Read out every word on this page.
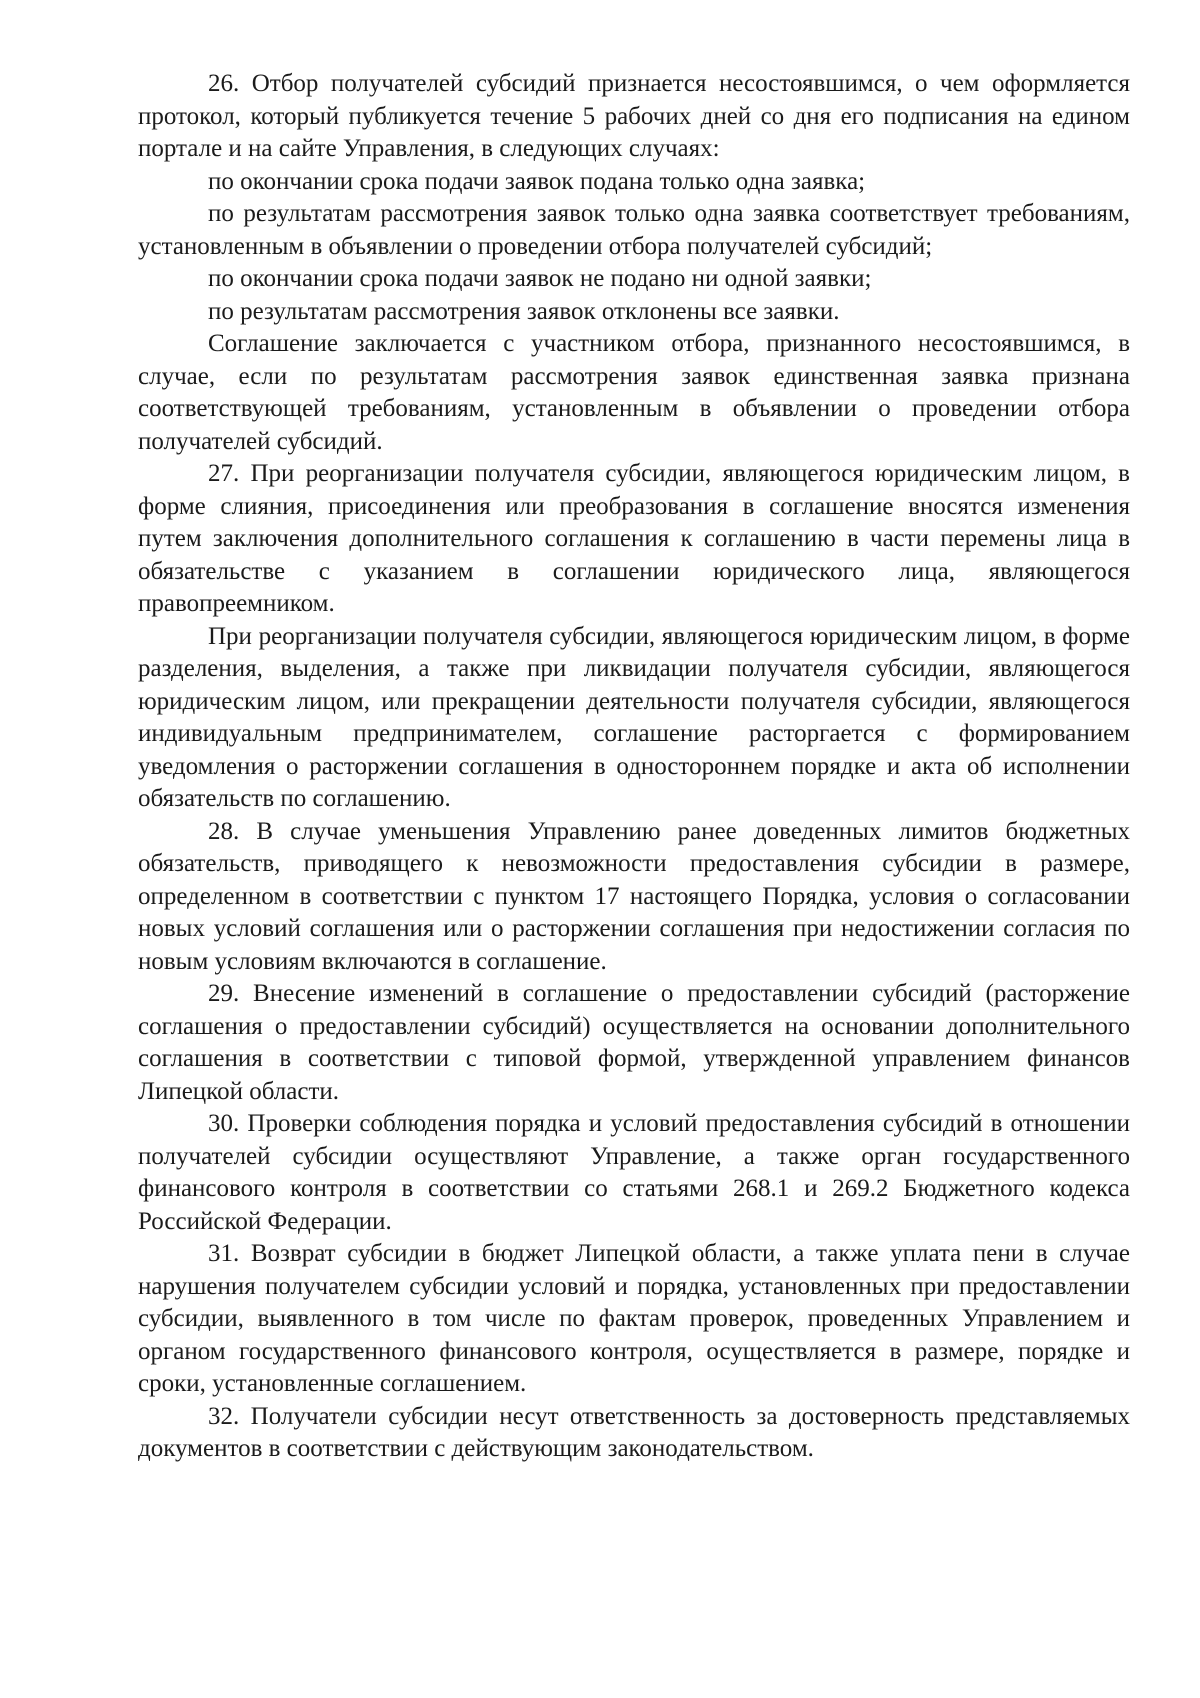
26. Отбор получателей субсидий признается несостоявшимся, о чем оформляется протокол, который публикуется течение 5 рабочих дней со дня его подписания на едином портале и на сайте Управления, в следующих случаях:

по окончании срока подачи заявок подана только одна заявка;

по результатам рассмотрения заявок только одна заявка соответствует требованиям, установленным в объявлении о проведении отбора получателей субсидий;

по окончании срока подачи заявок не подано ни одной заявки;

по результатам рассмотрения заявок отклонены все заявки.

Соглашение заключается с участником отбора, признанного несостоявшимся, в случае, если по результатам рассмотрения заявок единственная заявка признана соответствующей требованиям, установленным в объявлении о проведении отбора получателей субсидий.

27. При реорганизации получателя субсидии, являющегося юридическим лицом, в форме слияния, присоединения или преобразования в соглашение вносятся изменения путем заключения дополнительного соглашения к соглашению в части перемены лица в обязательстве с указанием в соглашении юридического лица, являющегося правопреемником.

При реорганизации получателя субсидии, являющегося юридическим лицом, в форме разделения, выделения, а также при ликвидации получателя субсидии, являющегося юридическим лицом, или прекращении деятельности получателя субсидии, являющегося индивидуальным предпринимателем, соглашение расторгается с формированием уведомления о расторжении соглашения в одностороннем порядке и акта об исполнении обязательств по соглашению.

28. В случае уменьшения Управлению ранее доведенных лимитов бюджетных обязательств, приводящего к невозможности предоставления субсидии в размере, определенном в соответствии с пунктом 17 настоящего Порядка, условия о согласовании новых условий соглашения или о расторжении соглашения при недостижении согласия по новым условиям включаются в соглашение.

29. Внесение изменений в соглашение о предоставлении субсидий (расторжение соглашения о предоставлении субсидий) осуществляется на основании дополнительного соглашения в соответствии с типовой формой, утвержденной управлением финансов Липецкой области.

30. Проверки соблюдения порядка и условий предоставления субсидий в отношении получателей субсидии осуществляют Управление, а также орган государственного финансового контроля в соответствии со статьями 268.1 и 269.2 Бюджетного кодекса Российской Федерации.

31. Возврат субсидии в бюджет Липецкой области, а также уплата пени в случае нарушения получателем субсидии условий и порядка, установленных при предоставлении субсидии, выявленного в том числе по фактам проверок, проведенных Управлением и органом государственного финансового контроля, осуществляется в размере, порядке и сроки, установленные соглашением.

32. Получатели субсидии несут ответственность за достоверность представляемых документов в соответствии с действующим законодательством.
